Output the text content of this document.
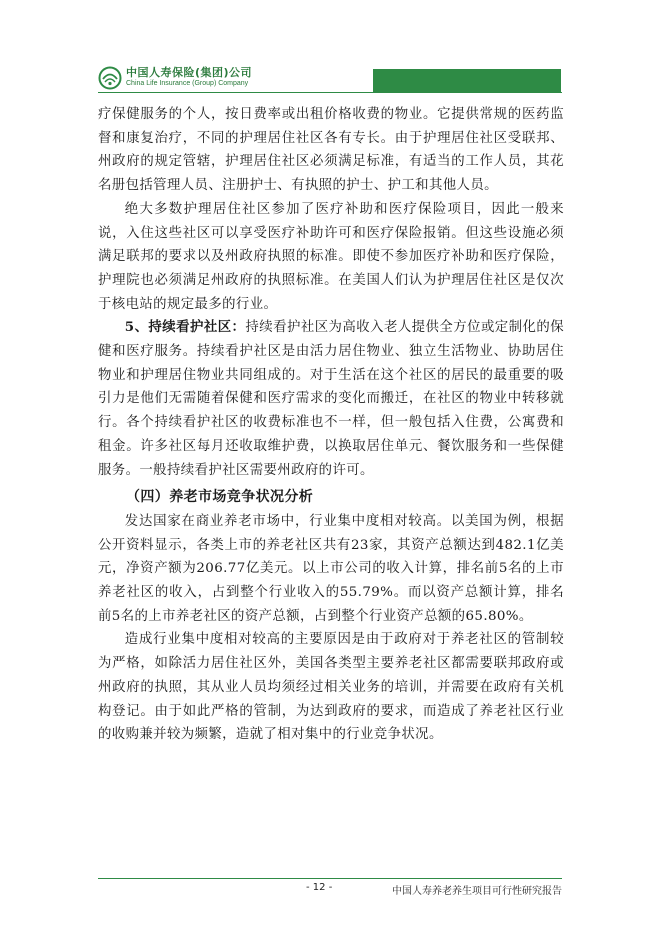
中国人寿保险(集团)公司
China Life Insurance (Group) Company

疗保健服务的个人，按日费率或出租价格收费的物业。它提供常规的医药监督和康复治疗，不同的护理居住社区各有专长。由于护理居住社区受联邦、州政府的规定管辖，护理居住社区必须满足标准，有适当的工作人员，其花名册包括管理人员、注册护士、有执照的护士、护工和其他人员。

绝大多数护理居住社区参加了医疗补助和医疗保险项目，因此一般来说，入住这些社区可以享受医疗补助许可和医疗保险报销。但这些设施必须满足联邦的要求以及州政府执照的标准。即使不参加医疗补助和医疗保险，护理院也必须满足州政府的执照标准。在美国人们认为护理居住社区是仅次于核电站的规定最多的行业。

5、持续看护社区：持续看护社区为高收入老人提供全方位或定制化的保健和医疗服务。持续看护社区是由活力居住物业、独立生活物业、协助居住物业和护理居住物业共同组成的。对于生活在这个社区的居民的最重要的吸引力是他们无需随着保健和医疗需求的变化而搬迁，在社区的物业中转移就行。各个持续看护社区的收费标准也不一样，但一般包括入住费，公寓费和租金。许多社区每月还收取维护费，以换取居住单元、餐饮服务和一些保健服务。一般持续看护社区需要州政府的许可。

（四）养老市场竞争状况分析

发达国家在商业养老市场中，行业集中度相对较高。以美国为例，根据公开资料显示，各类上市的养老社区共有23家，其资产总额达到482.1亿美元，净资产额为206.77亿美元。以上市公司的收入计算，排名前5名的上市养老社区的收入，占到整个行业收入的55.79%。而以资产总额计算，排名前5名的上市养老社区的资产总额，占到整个行业资产总额的65.80%。

造成行业集中度相对较高的主要原因是由于政府对于养老社区的管制较为严格，如除活力居住社区外，美国各类型主要养老社区都需要联邦政府或州政府的执照，其从业人员均须经过相关业务的培训，并需要在政府有关机构登记。由于如此严格的管制，为达到政府的要求，而造成了养老社区行业的收购兼并较为频繁，造就了相对集中的行业竞争状况。

- 12 -	中国人寿养老养生项目可行性研究报告
